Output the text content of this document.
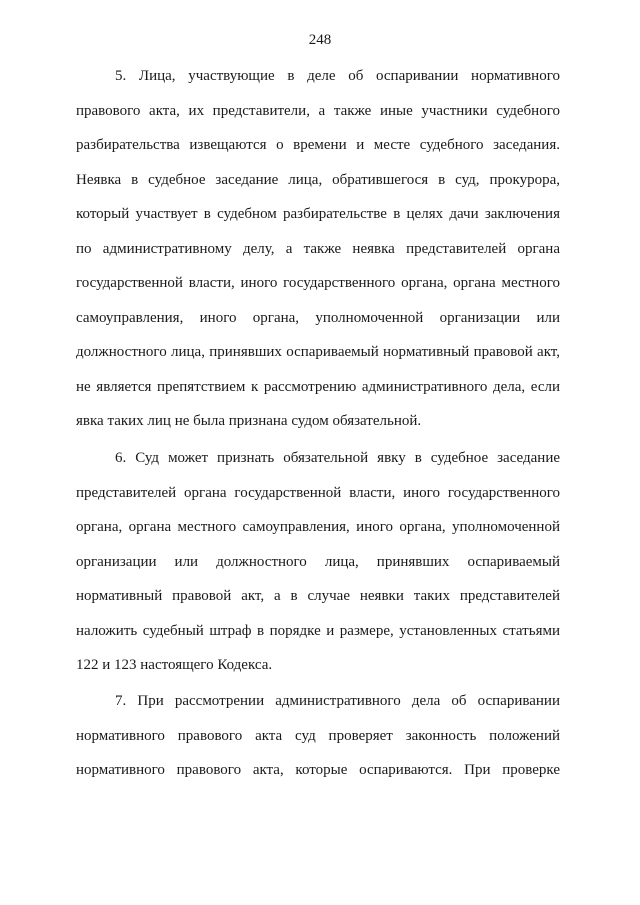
248
5. Лица, участвующие в деле об оспаривании нормативного
правового акта, их представители, а также иные участники судебного
разбирательства извещаются о времени и месте судебного заседания.
Неявка в судебное заседание лица, обратившегося в суд, прокурора,
который участвует в судебном разбирательстве в целях дачи заключения
по административному делу, а также неявка представителей органа
государственной власти, иного государственного органа, органа местного
самоуправления, иного органа, уполномоченной организации или
должностного лица, принявших оспариваемый нормативный правовой акт,
не является препятствием к рассмотрению административного дела, если
явка таких лиц не была признана судом обязательной.
6. Суд может признать обязательной явку в судебное заседание
представителей органа государственной власти, иного государственного
органа, органа местного самоуправления, иного органа, уполномоченной
организации или должностного лица, принявших оспариваемый
нормативный правовой акт, а в случае неявки таких представителей
наложить судебный штраф в порядке и размере, установленных статьями
122 и 123 настоящего Кодекса.
7. При рассмотрении административного дела об оспаривании
нормативного правового акта суд проверяет законность положений
нормативного правового акта, которые оспариваются. При проверке
